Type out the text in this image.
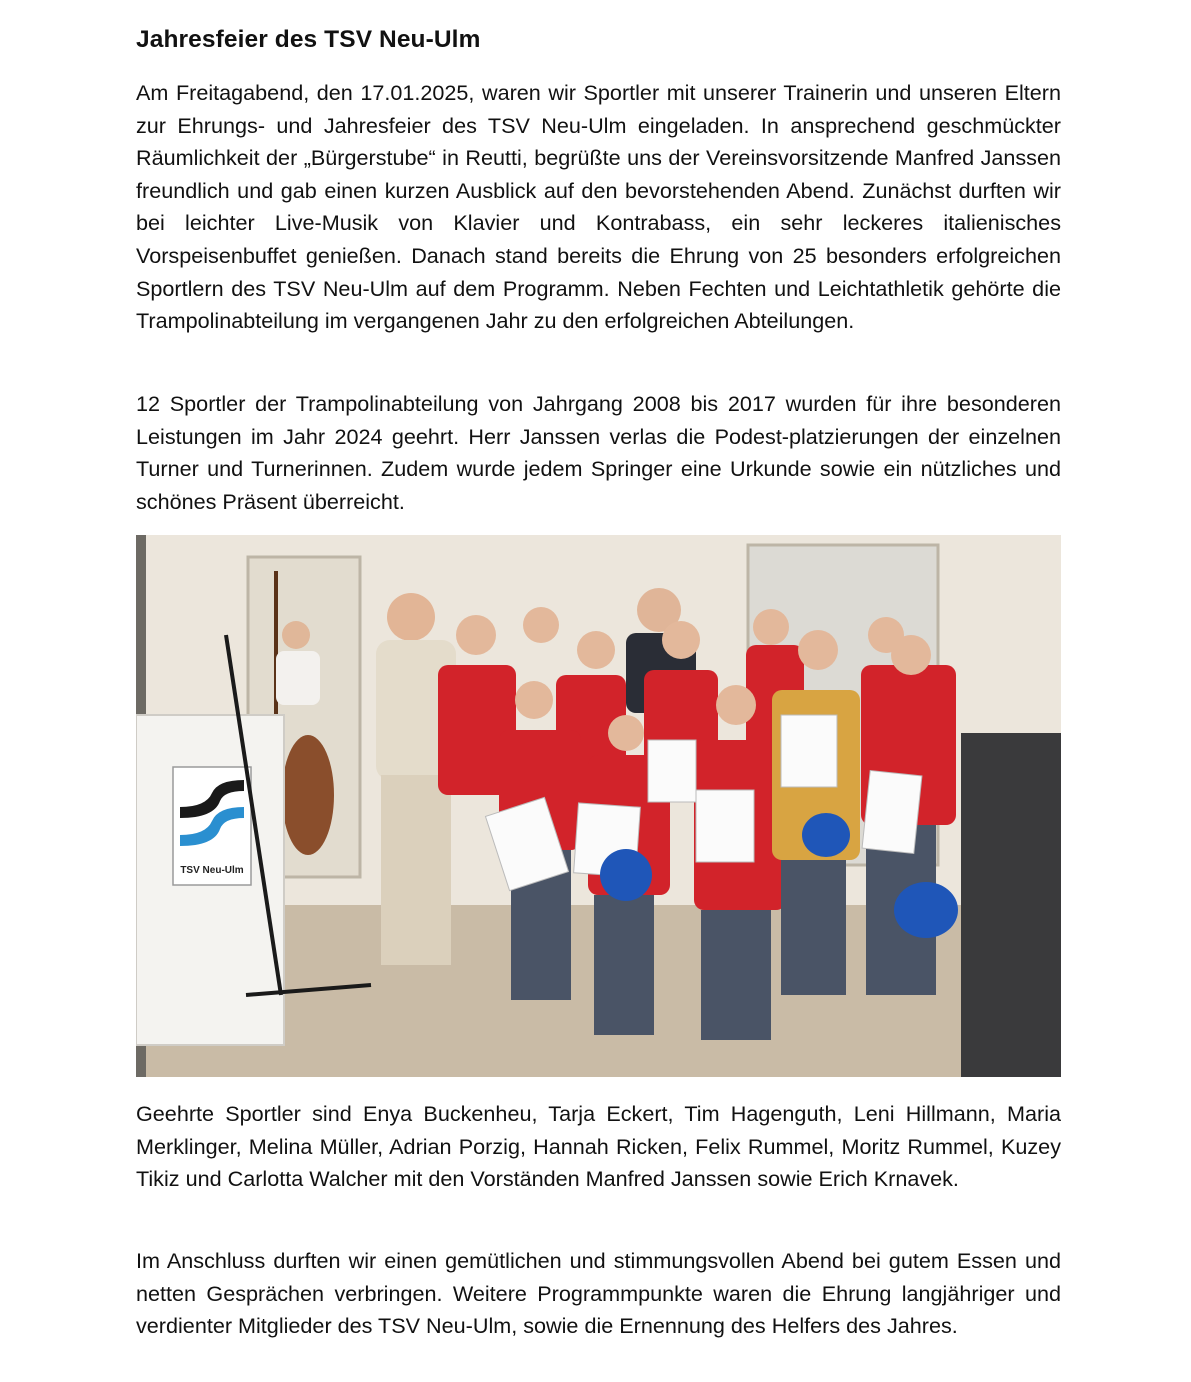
Jahresfeier des TSV Neu-Ulm

Am Freitagabend, den 17.01.2025, waren wir Sportler mit unserer Trainerin und unseren Eltern zur Ehrungs- und Jahresfeier des TSV Neu-Ulm eingeladen. In ansprechend geschmückter Räumlichkeit der „Bürgerstube“ in Reutti, begrüßte uns der Vereinsvorsitzende Manfred Janssen freundlich und gab einen kurzen Ausblick auf den bevorstehenden Abend. Zunächst durften wir bei leichter Live-Musik von Klavier und Kontrabass, ein sehr leckeres italienisches Vorspeisenbuffet genießen. Danach stand bereits die Ehrung von 25 besonders erfolgreichen Sportlern des TSV Neu-Ulm auf dem Programm. Neben Fechten und Leichtathletik gehörte die Trampolinabteilung im vergangenen Jahr zu den erfolgreichen Abteilungen.

12 Sportler der Trampolinabteilung von Jahrgang 2008 bis 2017 wurden für ihre besonderen Leistungen im Jahr 2024 geehrt. Herr Janssen verlas die Podest-platzierungen der einzelnen Turner und Turnerinnen. Zudem wurde jedem Springer eine Urkunde sowie ein nützliches und schönes Präsent überreicht.

TSV Neu-Ulm

Geehrte Sportler sind Enya Buckenheu, Tarja Eckert, Tim Hagenguth, Leni Hillmann, Maria Merklinger, Melina Müller, Adrian Porzig, Hannah Ricken, Felix Rummel, Moritz Rummel, Kuzey Tikiz und Carlotta Walcher mit den Vorständen Manfred Janssen sowie Erich Krnavek.

Im Anschluss durften wir einen gemütlichen und stimmungsvollen Abend bei gutem Essen und netten Gesprächen verbringen. Weitere Programmpunkte waren die Ehrung langjähriger und verdienter Mitglieder des TSV Neu-Ulm, sowie die Ernennung des Helfers des Jahres.
